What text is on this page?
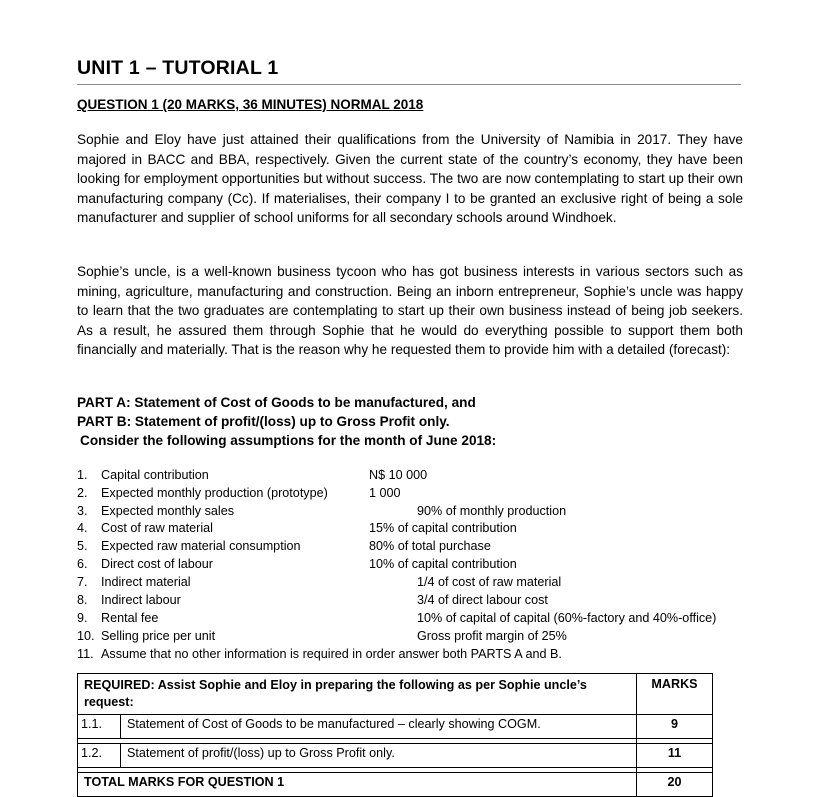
UNIT 1 – TUTORIAL 1
QUESTION 1 (20 MARKS, 36 MINUTES) NORMAL 2018

Sophie and Eloy have just attained their qualifications from the University of Namibia in 2017. They have majored in BACC and BBA, respectively. Given the current state of the country’s economy, they have been looking for employment opportunities but without success. The two are now contemplating to start up their own manufacturing company (Cc). If materialises, their company I to be granted an exclusive right of being a sole manufacturer and supplier of school uniforms for all secondary schools around Windhoek.

Sophie’s uncle, is a well-known business tycoon who has got business interests in various sectors such as mining, agriculture, manufacturing and construction. Being an inborn entrepreneur, Sophie’s uncle was happy to learn that the two graduates are contemplating to start up their own business instead of being job seekers. As a result, he assured them through Sophie that he would do everything possible to support them both financially and materially. That is the reason why he requested them to provide him with a detailed (forecast):

PART A: Statement of Cost of Goods to be manufactured, and
PART B: Statement of profit/(loss) up to Gross Profit only.
Consider the following assumptions for the month of June 2018:
1. Capital contribution	N$ 10 000
2. Expected monthly production (prototype)	1 000
3. Expected monthly sales	90% of monthly production
4. Cost of raw material	15% of capital contribution
5. Expected raw material consumption	80% of total purchase
6. Direct cost of labour	10% of capital contribution
7. Indirect material	1/4 of cost of raw material
8. Indirect labour	3/4 of direct labour cost
9. Rental fee	10% of capital of capital (60%-factory and 40%-office)
10. Selling price per unit	Gross profit margin of 25%
11. Assume that no other information is required in order answer both PARTS A and B.
REQUIRED: Assist Sophie and Eloy in preparing the following as per Sophie uncle’s request:		MARKS
1.1.	Statement of Cost of Goods to be manufactured – clearly showing COGM.	9

1.2.	Statement of profit/(loss) up to Gross Profit only.	11

TOTAL MARKS FOR QUESTION 1		20
